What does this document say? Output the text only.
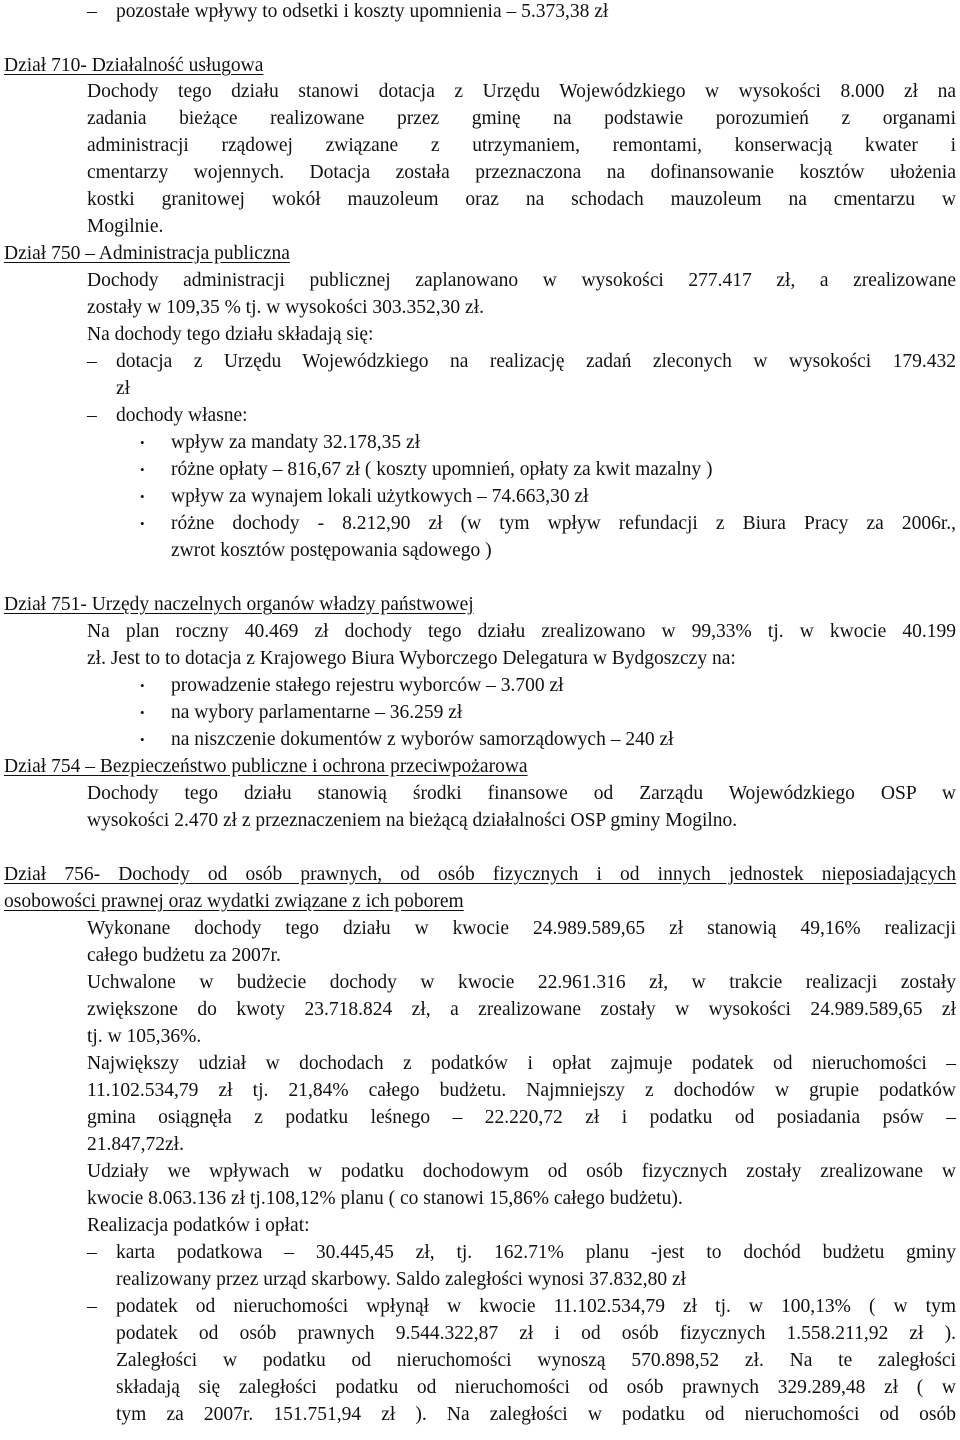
– pozostałe wpływy to odsetki i koszty upomnienia – 5.373,38 zł
Dział 710- Działalność usługowa
Dochody tego działu stanowi dotacja z Urzędu Wojewódzkiego w wysokości 8.000 zł na
zadania bieżące realizowane przez gminę na podstawie porozumień z organami
administracji rządowej związane z utrzymaniem, remontami, konserwacją kwater i
cmentarzy wojennych. Dotacja została przeznaczona na dofinansowanie kosztów ułożenia
kostki granitowej wokół mauzoleum oraz na schodach mauzoleum na cmentarzu w
Mogilnie.
Dział 750 – Administracja publiczna
Dochody administracji publicznej zaplanowano w wysokości 277.417 zł, a zrealizowane
zostały w 109,35 % tj. w wysokości 303.352,30 zł.
Na dochody tego działu składają się:
– dotacja z Urzędu Wojewódzkiego na realizację zadań zleconych w wysokości 179.432
zł
– dochody własne:
• wpływ za mandaty 32.178,35 zł
• różne opłaty – 816,67 zł ( koszty upomnień, opłaty za kwit mazalny )
• wpływ za wynajem lokali użytkowych – 74.663,30 zł
• różne dochody - 8.212,90 zł (w tym wpływ refundacji z Biura Pracy za 2006r.,
zwrot kosztów postępowania sądowego )
Dział 751- Urzędy naczelnych organów władzy państwowej
Na plan roczny 40.469 zł dochody tego działu zrealizowano w 99,33% tj. w kwocie 40.199
zł. Jest to to dotacja z Krajowego Biura Wyborczego Delegatura w Bydgoszczy na:
• prowadzenie stałego rejestru wyborców – 3.700 zł
• na wybory parlamentarne – 36.259 zł
• na niszczenie dokumentów z wyborów samorządowych – 240 zł
Dział 754 – Bezpieczeństwo publiczne i ochrona przeciwpożarowa
Dochody tego działu stanowią środki finansowe od Zarządu Wojewódzkiego OSP w
wysokości 2.470 zł z przeznaczeniem na bieżącą działalności OSP gminy Mogilno.
Dział 756- Dochody od osób prawnych, od osób fizycznych i od innych jednostek nieposiadających
osobowości prawnej oraz wydatki związane z ich poborem
Wykonane dochody tego działu w kwocie 24.989.589,65 zł stanowią 49,16% realizacji
całego budżetu za 2007r.
Uchwalone w budżecie dochody w kwocie 22.961.316 zł, w trakcie realizacji zostały
zwiększone do kwoty 23.718.824 zł, a zrealizowane zostały w wysokości 24.989.589,65 zł
tj. w 105,36%.
Największy udział w dochodach z podatków i opłat zajmuje podatek od nieruchomości –
11.102.534,79 zł tj. 21,84% całego budżetu. Najmniejszy z dochodów w grupie podatków
gmina osiągnęła z podatku leśnego – 22.220,72 zł i podatku od posiadania psów –
21.847,72zł.
Udziały we wpływach w podatku dochodowym od osób fizycznych zostały zrealizowane w
kwocie 8.063.136 zł tj.108,12% planu ( co stanowi 15,86% całego budżetu).
Realizacja podatków i opłat:
– karta podatkowa – 30.445,45 zł, tj. 162.71% planu -jest to dochód budżetu gminy
realizowany przez urząd skarbowy. Saldo zaległości wynosi 37.832,80 zł
– podatek od nieruchomości wpłynął w kwocie 11.102.534,79 zł tj. w 100,13% ( w tym
podatek od osób prawnych 9.544.322,87 zł i od osób fizycznych 1.558.211,92 zł ).
Zaległości w podatku od nieruchomości wynoszą 570.898,52 zł. Na te zaległości
składają się zaległości podatku od nieruchomości od osób prawnych 329.289,48 zł ( w
tym za 2007r. 151.751,94 zł ). Na zaległości w podatku od nieruchomości od osób
